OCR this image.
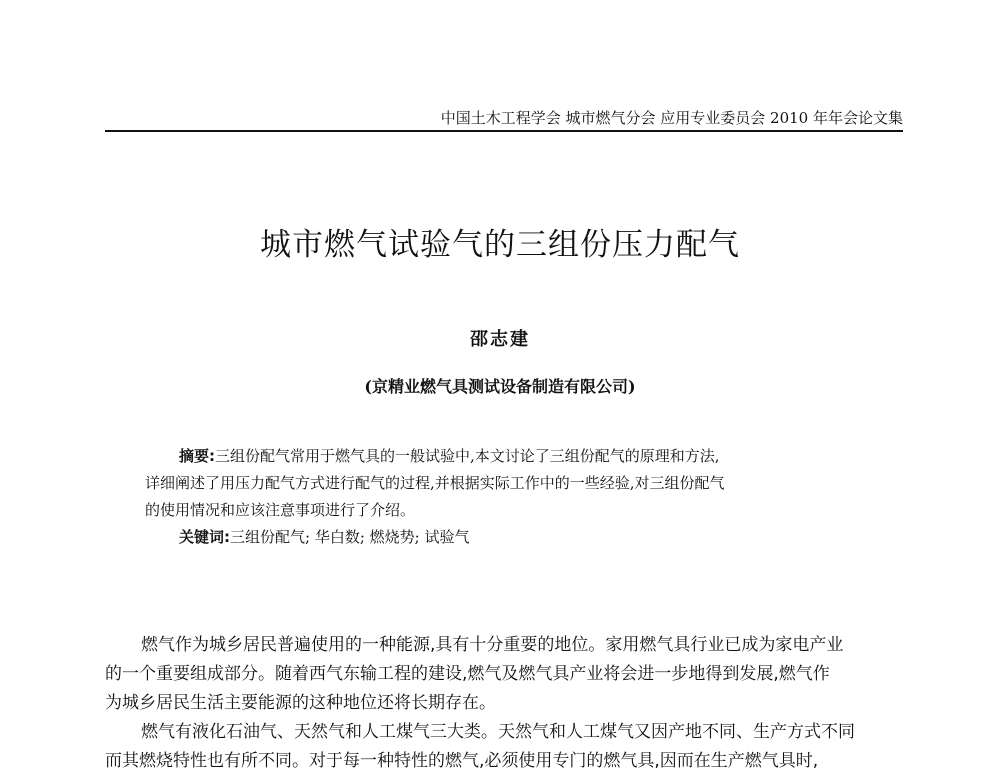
中国土木工程学会 城市燃气分会 应用专业委员会 2010 年年会论文集
城市燃气试验气的三组份压力配气
邵志建
(京精业燃气具测试设备制造有限公司)

摘要:三组份配气常用于燃气具的一般试验中,本文讨论了三组份配气的原理和方法,

详细阐述了用压力配气方式进行配气的过程,并根据实际工作中的一些经验,对三组份配气

的使用情况和应该注意事项进行了介绍。

关键词:三组份配气; 华白数; 燃烧势; 试验气

燃气作为城乡居民普遍使用的一种能源,具有十分重要的地位。家用燃气具行业已成为家电产业

的一个重要组成部分。随着西气东输工程的建设,燃气及燃气具产业将会进一步地得到发展,燃气作

为城乡居民生活主要能源的这种地位还将长期存在。

燃气有液化石油气、天然气和人工煤气三大类。天然气和人工煤气又因产地不同、生产方式不同

而其燃烧特性也有所不同。对于每一种特性的燃气,必须使用专门的燃气具,因而在生产燃气具时,
